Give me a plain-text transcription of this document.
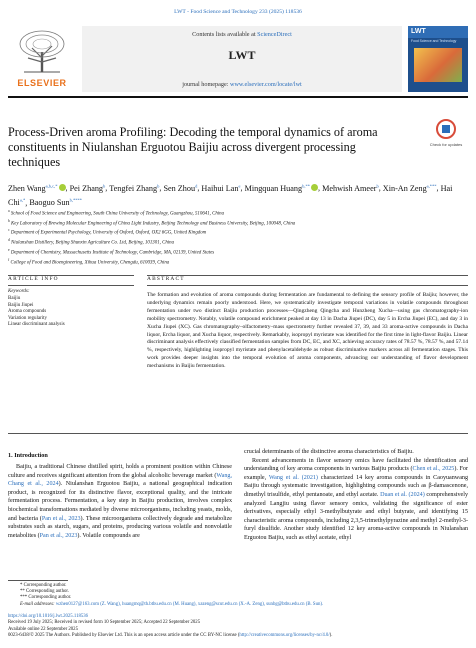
LWT - Food Science and Technology 233 (2025) 118536
ELSEVIER
Contents lists available at ScienceDirect
LWT
journal homepage: www.elsevier.com/locate/lwt
LWT
Food Science and Technology
Process-Driven aroma Profiling: Decoding the temporal dynamics of aroma constituents in Niulanshan Erguotou Baijiu across divergent processing techniques
Check for updates
Zhen Wang$^{a,b,c,*}$ , Pei Zhang$^b$, Tengfei Zhang$^b$, Sen Zhou$^d$, Haihui Lan$^e$, Mingquan Huang$^{b,**}$ , Mehwish Ameer$^b$, Xin-An Zeng$^{a,***}$, Hai Chi$^{a,*}$, Baoguo Sun$^{b,****}$
$^a$ School of Food Science and Engineering, South China University of Technology, Guangzhou, 510641, China
$^b$ Key Laboratory of Brewing Molecular Engineering of China Light Industry, Beijing Technology and Business University, Beijing, 100048, China
$^c$ Department of Experimental Psychology, University of Oxford, Oxford, OX2 6GG, United Kingdom
$^d$ Niulanshan Distillery, Beijing Shunxin Agriculture Co. Ltd, Beijing, 101301, China
$^e$ Department of Chemistry, Massachusetts Institute of Technology, Cambridge, MA, 02139, United States
$^f$ College of Food and Bioengineering, Xihua University, Chengdu, 610039, China
ARTICLE INFO	ABSTRACT
Keywords:
Baijiu
Baijiu Jiupei
Aroma compounds
Variation regularity
Linear discriminant analysis
The formation and evolution of aroma compounds during fermentation are fundamental to defining the sensory profile of Baijiu; however, the underlying dynamics remain poorly understood. Here, we systematically investigate temporal variations in volatile compounds throughout fermentation under two distinct Baijiu production processes—Qingzheng Qingcha and Hunzheng Xucha—using gas chromatography-ion mobility spectrometry. Notably, volatile compound enrichment peaked at day 13 in Dacha Jiupei (DC), day 5 in Ercha Jiupei (EC), and day 3 in Xucha Jiupei (XC). Gas chromatography–olfactometry–mass spectrometry further revealed 37, 39, and 33 aroma-active compounds in Dacha liquor, Ercha liquor, and Xucha liquor, respectively. Remarkably, isopropyl myristate was identified for the first time in light-flavor Baijiu. Linear discriminant analysis effectively classified fermentation samples from DC, EC, and XC, achieving accuracy rates of 78.57 %, 78.57 %, and 57.14 %, respectively, highlighting isopropyl myristate and phenylacetaldehyde as robust discriminative markers across all fermentation stages. This work provides deeper insights into the temporal evolution of aroma components, advancing our understanding of flavor development mechanisms in Baijiu fermentation.
1. Introduction
Baijiu, a traditional Chinese distilled spirit, holds a prominent position within Chinese culture and receives significant attention from the global alcoholic beverage market (Wang, Chang et al., 2024). Niulanshan Erguotou Baijiu, a national geographical indication product, is recognized for its distinctive flavor, exceptional quality, and the intricate fermentation process. Fermentation, a key step in Baijiu production, involves complex biochemical transformations mediated by diverse microorganisms, including yeasts, molds, and bacteria (Pan et al., 2023). These microorganisms collectively degrade and metabolize substrates such as starch, sugars, and proteins, producing various volatile and nonvolatile metabolites (Pan et al., 2023). Volatile compounds are
crucial determinants of the distinctive aroma characteristics of Baijiu.

Recent advancements in flavor sensory omics have facilitated the identification and understanding of key aroma components in various Baijiu products (Chen et al., 2025). For example, Wang et al. (2021) characterized 14 key aroma compounds in Caoyuanwang Baijiu through systematic investigation, highlighting compounds such as β-damascenone, dimethyl trisulfide, ethyl pentanoate, and ethyl acetate. Duan et al. (2024) comprehensively analyzed Langjiu using flavor sensory omics, validating the significance of ester derivatives, especially ethyl 3-methylbutyrate and ethyl butyrate, and identifying 15 characteristic aroma compounds, including 2,3,5-trimethylpyrazine and methyl 2-methyl-3-furyl disulfide. Another study identified 12 key aroma-active compounds in Niulanshan Erguotou Baijiu, such as ethyl acetate, ethyl

* Corresponding author.
** Corresponding author.
*** Corresponding author.
E-mail addresses: wzhen0127@163.com (Z. Wang), huangmq@th.btbu.edu.cn (M. Huang), xazeng@scut.edu.cn (X.-A. Zeng), sunbg@btbu.edu.cn (B. Sun).
https://doi.org/10.1016/j.lwt.2025.118536
Received 19 July 2025; Received in revised form 10 September 2025; Accepted 22 September 2025
Available online 22 September 2025
0023-6438/© 2025 The Authors. Published by Elsevier Ltd. This is an open access article under the CC BY-NC license (http://creativecommons.org/licenses/by-nc/4.0/).
